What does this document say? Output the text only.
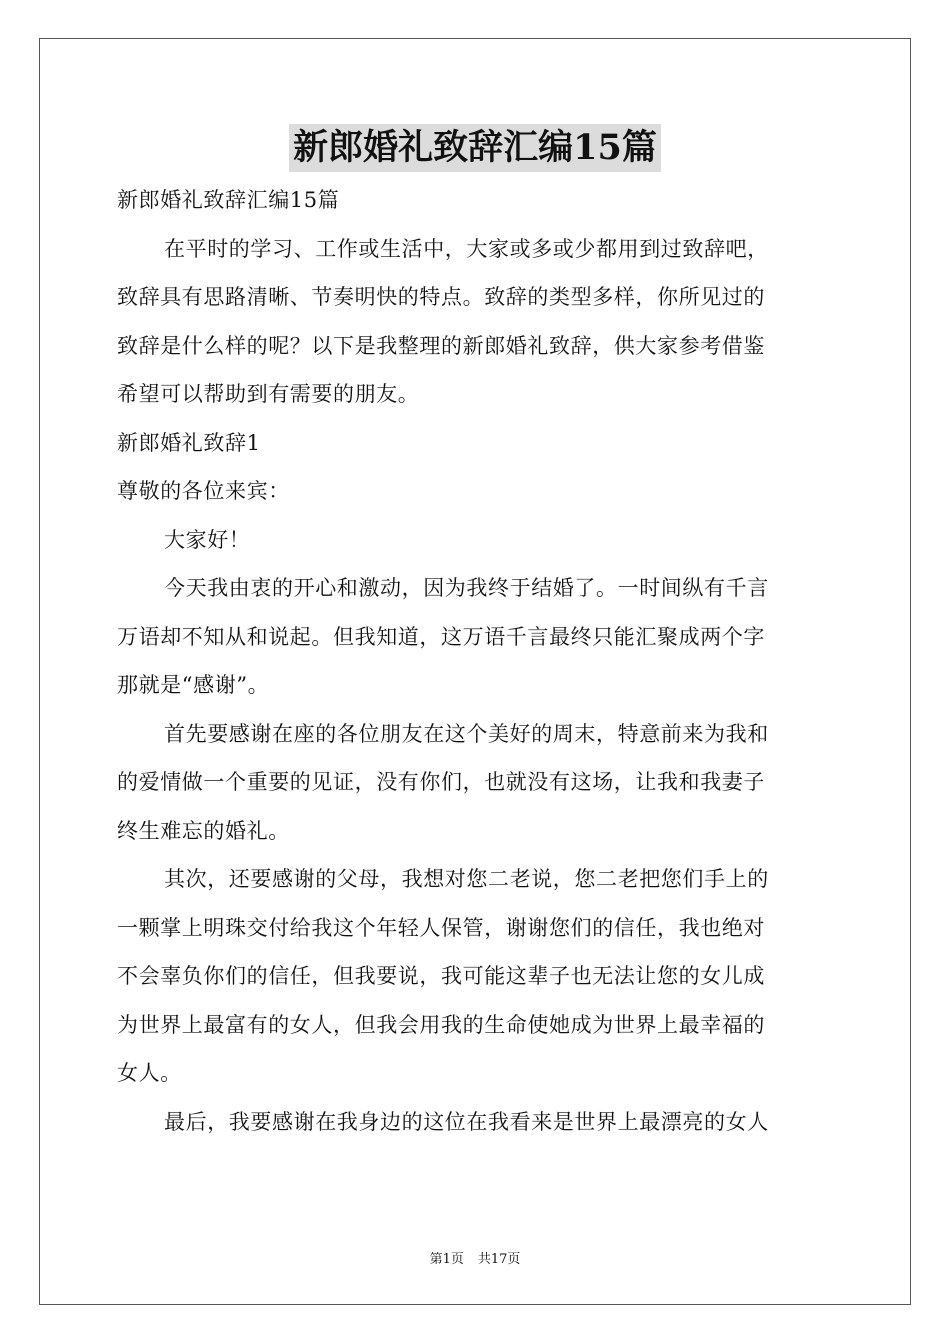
新郎婚礼致辞汇编15篇
新郎婚礼致辞汇编15篇
在平时的学习、工作或生活中，大家或多或少都用到过致辞吧，
致辞具有思路清晰、节奏明快的特点。致辞的类型多样，你所见过的
致辞是什么样的呢？以下是我整理的新郎婚礼致辞，供大家参考借鉴
希望可以帮助到有需要的朋友。
新郎婚礼致辞1
尊敬的各位来宾：
大家好！
今天我由衷的开心和激动，因为我终于结婚了。一时间纵有千言
万语却不知从和说起。但我知道，这万语千言最终只能汇聚成两个字
那就是“感谢”。
首先要感谢在座的各位朋友在这个美好的周末，特意前来为我和
的爱情做一个重要的见证，没有你们，也就没有这场，让我和我妻子
终生难忘的婚礼。
其次，还要感谢的父母，我想对您二老说，您二老把您们手上的
一颗掌上明珠交付给我这个年轻人保管，谢谢您们的信任，我也绝对
不会辜负你们的信任，但我要说，我可能这辈子也无法让您的女儿成
为世界上最富有的女人，但我会用我的生命使她成为世界上最幸福的
女人。
最后，我要感谢在我身边的这位在我看来是世界上最漂亮的女人
第1页 共17页
